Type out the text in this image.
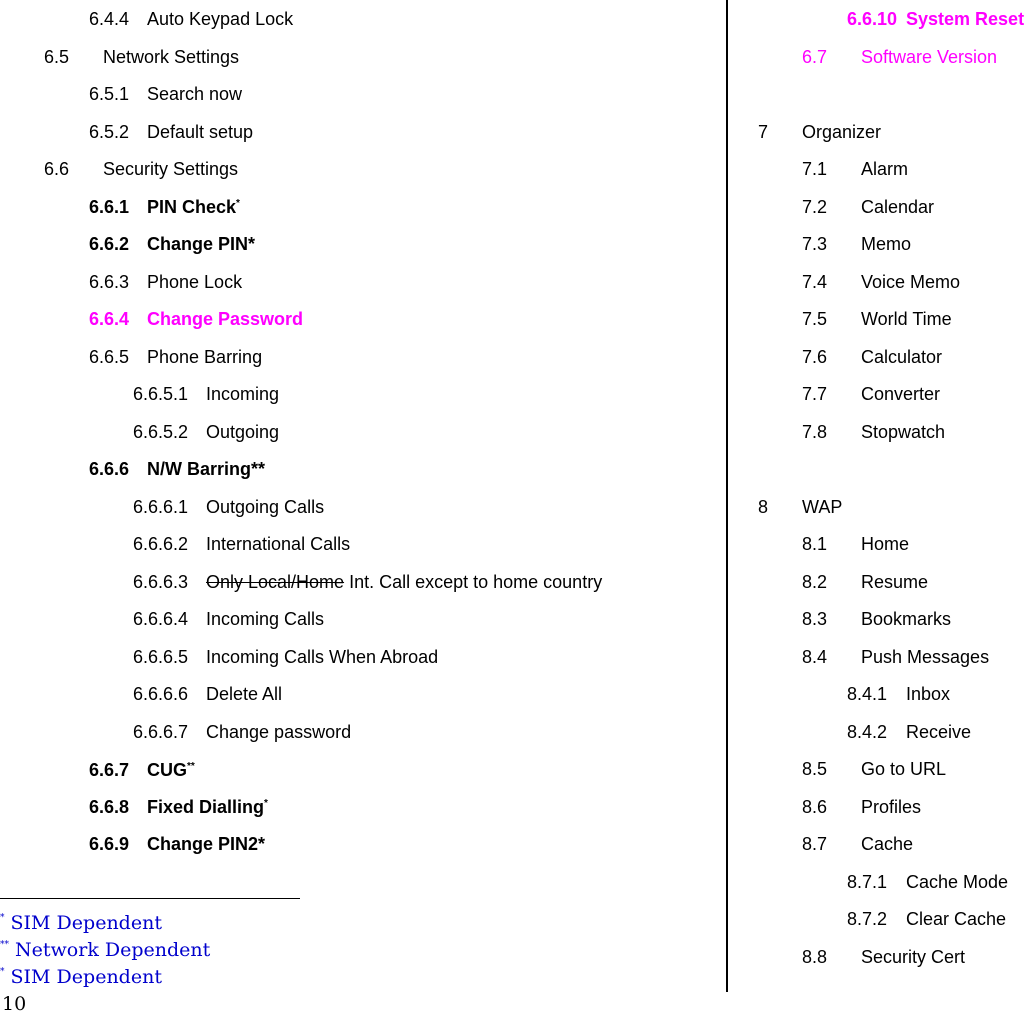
6.4.4 Auto Keypad Lock
6.5 Network Settings
6.5.1 Search now
6.5.2 Default setup
6.6 Security Settings
6.6.1 PIN Check*
6.6.2 Change PIN*
6.6.3 Phone Lock
6.6.4 Change Password
6.6.5 Phone Barring
6.6.5.1 Incoming
6.6.5.2 Outgoing
6.6.6 N/W Barring**
6.6.6.1 Outgoing Calls
6.6.6.2 International Calls
6.6.6.3 Only Local/Home Int. Call except to home country
6.6.6.4 Incoming Calls
6.6.6.5 Incoming Calls When Abroad
6.6.6.6 Delete All
6.6.6.7 Change password
6.6.7 CUG**
6.6.8 Fixed Dialling*
6.6.9 Change PIN2*
6.6.10 System Reset
6.7 Software Version
7 Organizer
7.1 Alarm
7.2 Calendar
7.3 Memo
7.4 Voice Memo
7.5 World Time
7.6 Calculator
7.7 Converter
7.8 Stopwatch
8 WAP
8.1 Home
8.2 Resume
8.3 Bookmarks
8.4 Push Messages
8.4.1 Inbox
8.4.2 Receive
8.5 Go to URL
8.6 Profiles
8.7 Cache
8.7.1 Cache Mode
8.7.2 Clear Cache
8.8 Security Cert
* SIM Dependent
** Network Dependent
* SIM Dependent
10
